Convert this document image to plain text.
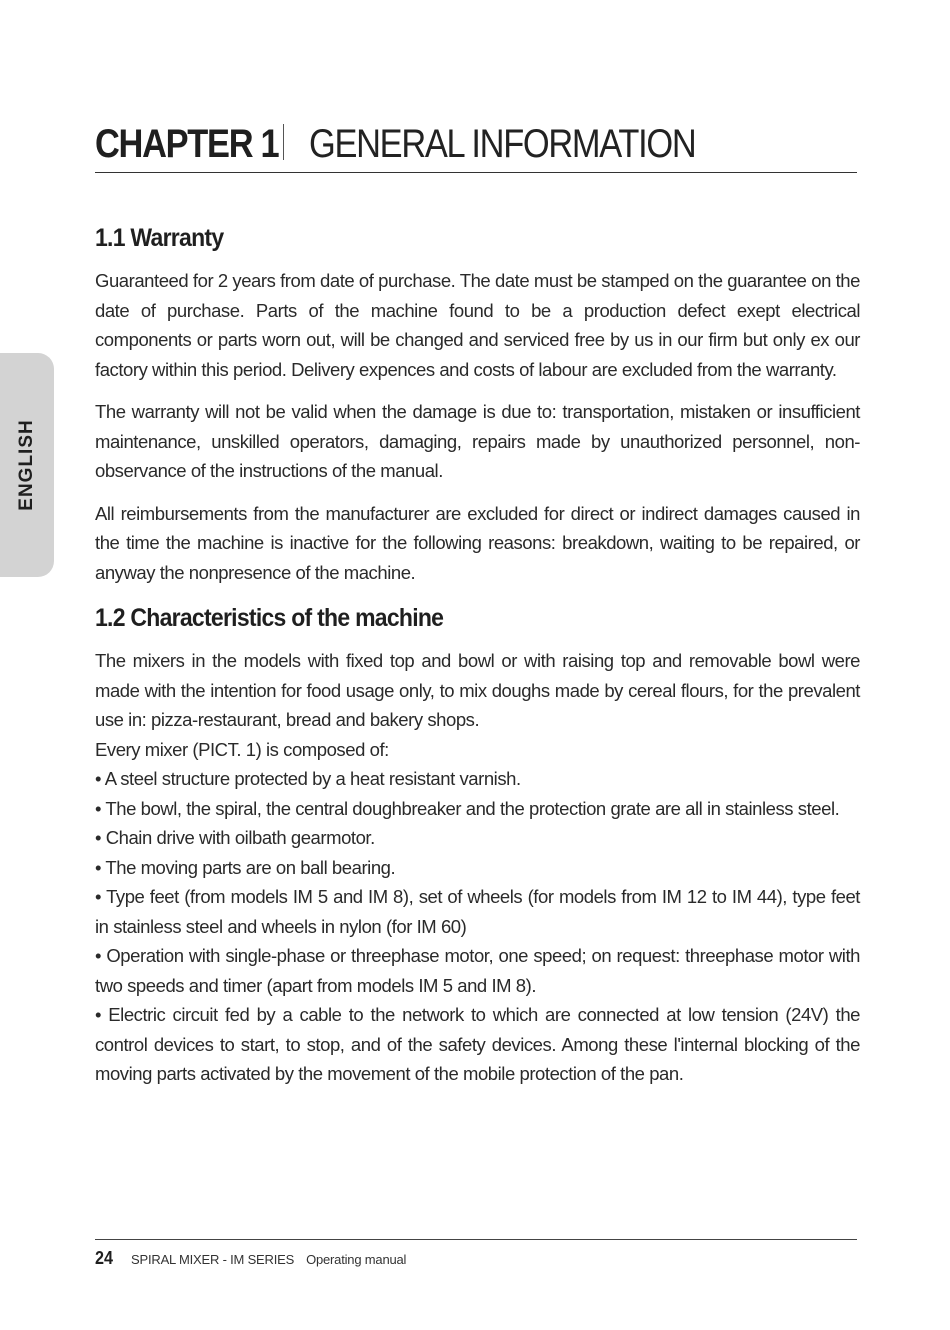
CHAPTER 1 GENERAL INFORMATION
ENGLISH
1.1 Warranty

Guaranteed for 2 years from date of purchase. The date must be stamped on the guarantee on the date of purchase. Parts of the machine found to be a production defect exept electrical components or parts worn out, will be changed and serviced free by us in our firm but only ex our factory within this period. Delivery expences and costs of labour are excluded from the warranty.

The warranty will not be valid when the damage is due to: transportation, mistaken or insufficient maintenance, unskilled operators, damaging, repairs made by unauthorized personnel, non-observance of the instructions of the manual.

All reimbursements from the manufacturer are excluded for direct or indirect damages caused in the time the machine is inactive for the following reasons: breakdown, waiting to be repaired, or anyway the nonpresence of the machine.

1.2 Characteristics of the machine

The mixers in the models with fixed top and bowl or with raising top and removable bowl were made with the intention for food usage only, to mix doughs made by cereal flours, for the prevalent use in: pizza-restaurant, bread and bakery shops.

Every mixer (PICT. 1) is composed of:

• A steel structure protected by a heat resistant varnish.

• The bowl, the spiral, the central doughbreaker and the protection grate are all in stainless steel.

• Chain drive with oilbath gearmotor.

• The moving parts are on ball bearing.

• Type feet (from models IM 5 and IM 8), set of wheels (for models from IM 12 to IM 44), type feet in stainless steel and wheels in nylon (for IM 60)

• Operation with single-phase or threephase motor, one speed; on request: threephase motor with two speeds and timer (apart from models IM 5 and IM 8).

• Electric circuit fed by a cable to the network to which are connected at low tension (24V) the control devices to start, to stop, and of the safety devices. Among these l'internal blocking of the moving parts activated by the movement of the mobile protection of the pan.

24 SPIRAL MIXER - IM SERIES Operating manual
